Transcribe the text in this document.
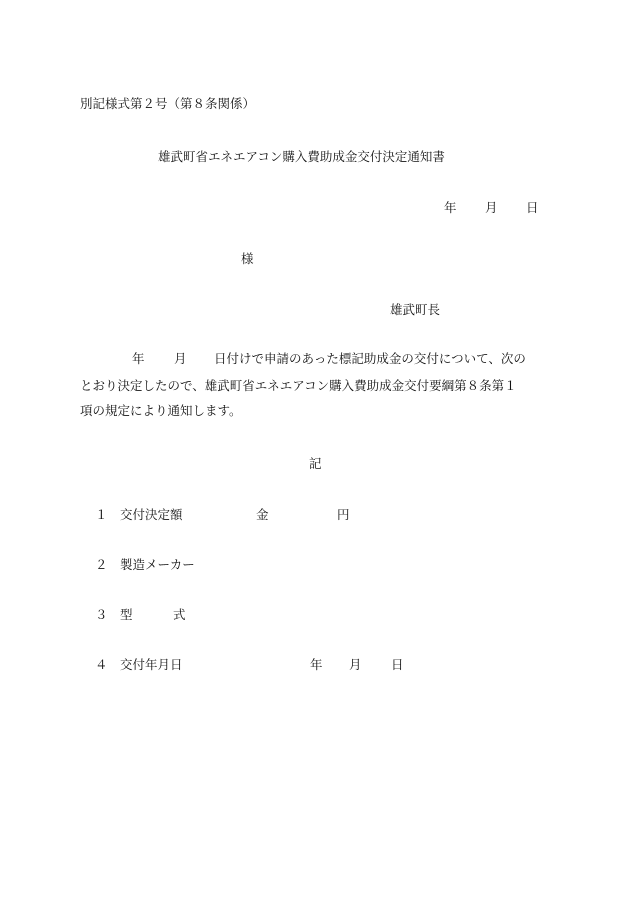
別記様式第２号（第８条関係）
雄武町省エネエアコン購入費助成金交付決定通知書
年 月 日
様
雄武町長
年 月 日付けで申請のあった標記助成金の交付について、次の
とおり決定したので、雄武町省エネエアコン購入費助成金交付要綱第８条第１
項の規定により通知します。
記
１ 交付決定額	金	円
２ 製造メーカー
３ 型	式
４ 交付年月日	年 月 日
